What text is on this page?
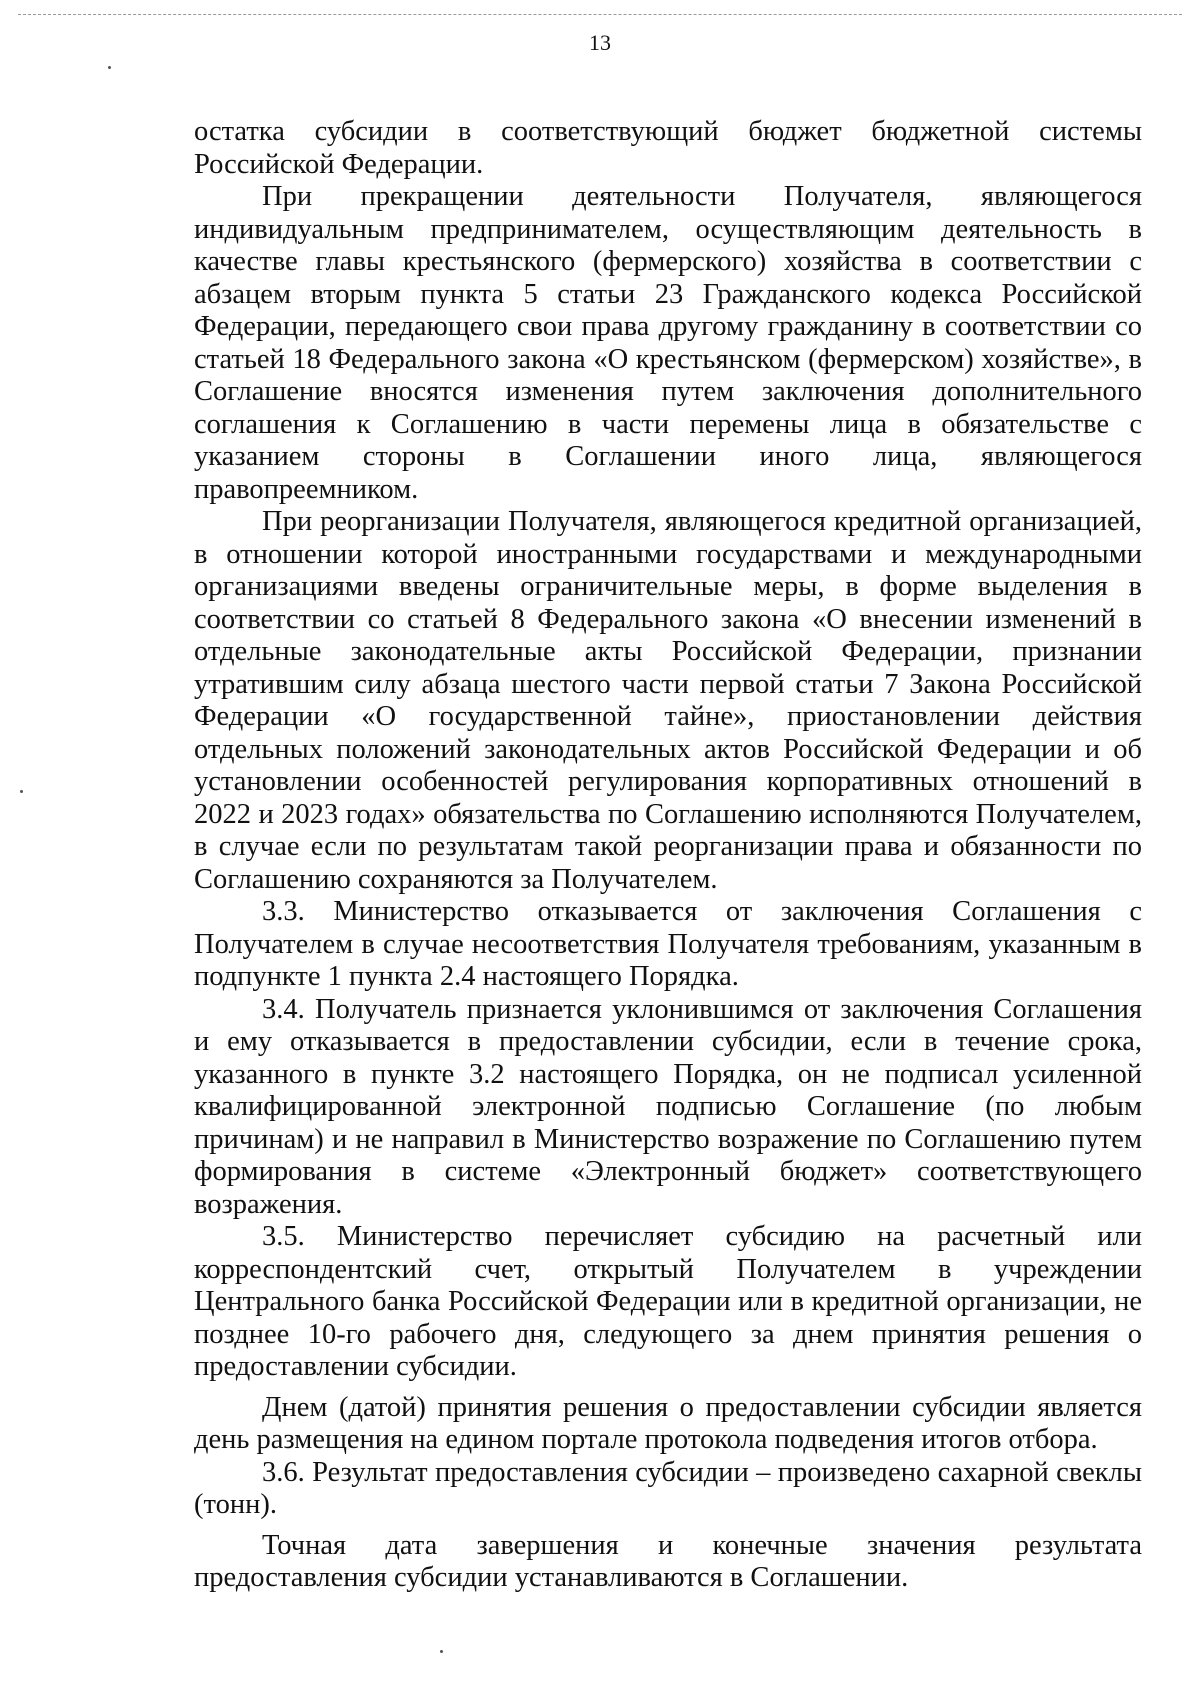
13

остатка субсидии в соответствующий бюджет бюджетной системы Российской Федерации.

При прекращении деятельности Получателя, являющегося индивидуальным предпринимателем, осуществляющим деятельность в качестве главы крестьянского (фермерского) хозяйства в соответствии с абзацем вторым пункта 5 статьи 23 Гражданского кодекса Российской Федерации, передающего свои права другому гражданину в соответствии со статьей 18 Федерального закона «О крестьянском (фермерском) хозяйстве», в Соглашение вносятся изменения путем заключения дополнительного соглашения к Соглашению в части перемены лица в обязательстве с указанием стороны в Соглашении иного лица, являющегося правопреемником.

При реорганизации Получателя, являющегося кредитной организацией, в отношении которой иностранными государствами и международными организациями введены ограничительные меры, в форме выделения в соответствии со статьей 8 Федерального закона «О внесении изменений в отдельные законодательные акты Российской Федерации, признании утратившим силу абзаца шестого части первой статьи 7 Закона Российской Федерации «О государственной тайне», приостановлении действия отдельных положений законодательных актов Российской Федерации и об установлении особенностей регулирования корпоративных отношений в 2022 и 2023 годах» обязательства по Соглашению исполняются Получателем, в случае если по результатам такой реорганизации права и обязанности по Соглашению сохраняются за Получателем.

3.3. Министерство отказывается от заключения Соглашения с Получателем в случае несоответствия Получателя требованиям, указанным в подпункте 1 пункта 2.4 настоящего Порядка.

3.4. Получатель признается уклонившимся от заключения Соглашения и ему отказывается в предоставлении субсидии, если в течение срока, указанного в пункте 3.2 настоящего Порядка, он не подписал усиленной квалифицированной электронной подписью Соглашение (по любым причинам) и не направил в Министерство возражение по Соглашению путем формирования в системе «Электронный бюджет» соответствующего возражения.

3.5. Министерство перечисляет субсидию на расчетный или корреспондентский счет, открытый Получателем в учреждении Центрального банка Российской Федерации или в кредитной организации, не позднее 10-го рабочего дня, следующего за днем принятия решения о предоставлении субсидии.

Днем (датой) принятия решения о предоставлении субсидии является день размещения на едином портале протокола подведения итогов отбора.

3.6. Результат предоставления субсидии – произведено сахарной свеклы (тонн).

Точная дата завершения и конечные значения результата предоставления субсидии устанавливаются в Соглашении.
